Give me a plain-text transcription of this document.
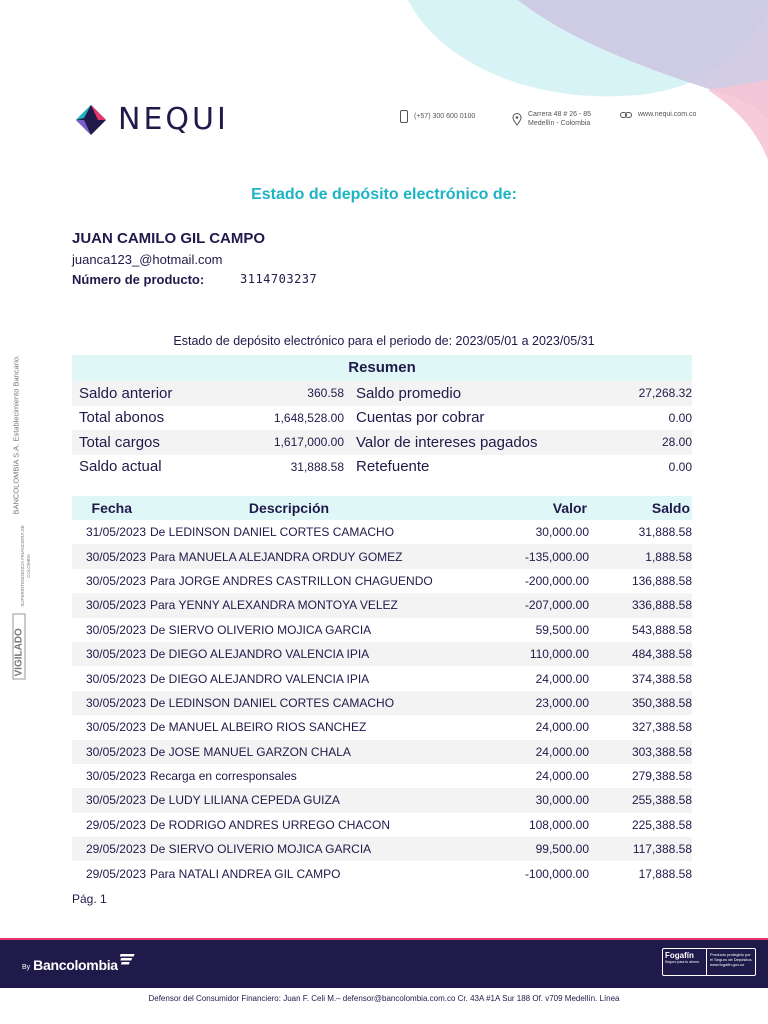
NEQUI	(+57) 300 600 0100	Carrera 48 # 26 - 85
Medellín - Colombia
www.nequi.com.co
Estado de depósito electrónico de:
JUAN CAMILO GIL CAMPO
juanca123_@hotmail.com
Número de producto:	3114703237
Estado de depósito electrónico para el periodo de: 2023/05/01 a 2023/05/31
Resumen
Saldo anterior	360.58 Saldo promedio	27,268.32
Total abonos	1,648,528.00 Cuentas por cobrar	0.00
Total cargos	1,617,000.00 Valor de intereses pagados	28.00
Saldo actual	31,888.58 Retefuente	0.00
Fecha	Descripción	Valor	Saldo
31/05/2023 De LEDINSON DANIEL CORTES CAMACHO	30,000.00	31,888.58
30/05/2023 Para MANUELA ALEJANDRA ORDUY GOMEZ	-135,000.00	1,888.58
30/05/2023 Para JORGE ANDRES CASTRILLON CHAGUENDO	-200,000.00	136,888.58
30/05/2023 Para YENNY ALEXANDRA MONTOYA VELEZ	-207,000.00	336,888.58
30/05/2023 De SIERVO OLIVERIO MOJICA GARCIA	59,500.00	543,888.58
30/05/2023 De DIEGO ALEJANDRO VALENCIA IPIA	110,000.00	484,388.58
30/05/2023 De DIEGO ALEJANDRO VALENCIA IPIA	24,000.00	374,388.58
30/05/2023 De LEDINSON DANIEL CORTES CAMACHO	23,000.00	350,388.58
30/05/2023 De MANUEL ALBEIRO RIOS SANCHEZ	24,000.00	327,388.58
30/05/2023 De JOSE MANUEL GARZON CHALA	24,000.00	303,388.58
30/05/2023 Recarga en corresponsales	24,000.00	279,388.58
30/05/2023 De LUDY LILIANA CEPEDA GUIZA	30,000.00	255,388.58
29/05/2023 De RODRIGO ANDRES URREGO CHACON	108,000.00	225,388.58
29/05/2023 De SIERVO OLIVERIO MOJICA GARCIA	99,500.00	117,388.58
29/05/2023 Para NATALI ANDREA GIL CAMPO	-100,000.00	17,888.58
Pág. 1
BANCOLOMBIA S.A. Establecimiento Bancario.
VIGILADO
SUPERINTENDENCIA FINANCIERA DE COLOMBIA
By Bancolombia
Fogafín
Seguro para tu ahorro
Producto protegido por el Seguro de Depósitos www.fogafin.gov.co
Defensor del Consumidor Financiero: Juan F. Celi M.– defensor@bancolombia.com.co Cr. 43A #1A Sur 188 Of. v709 Medellín. Línea
